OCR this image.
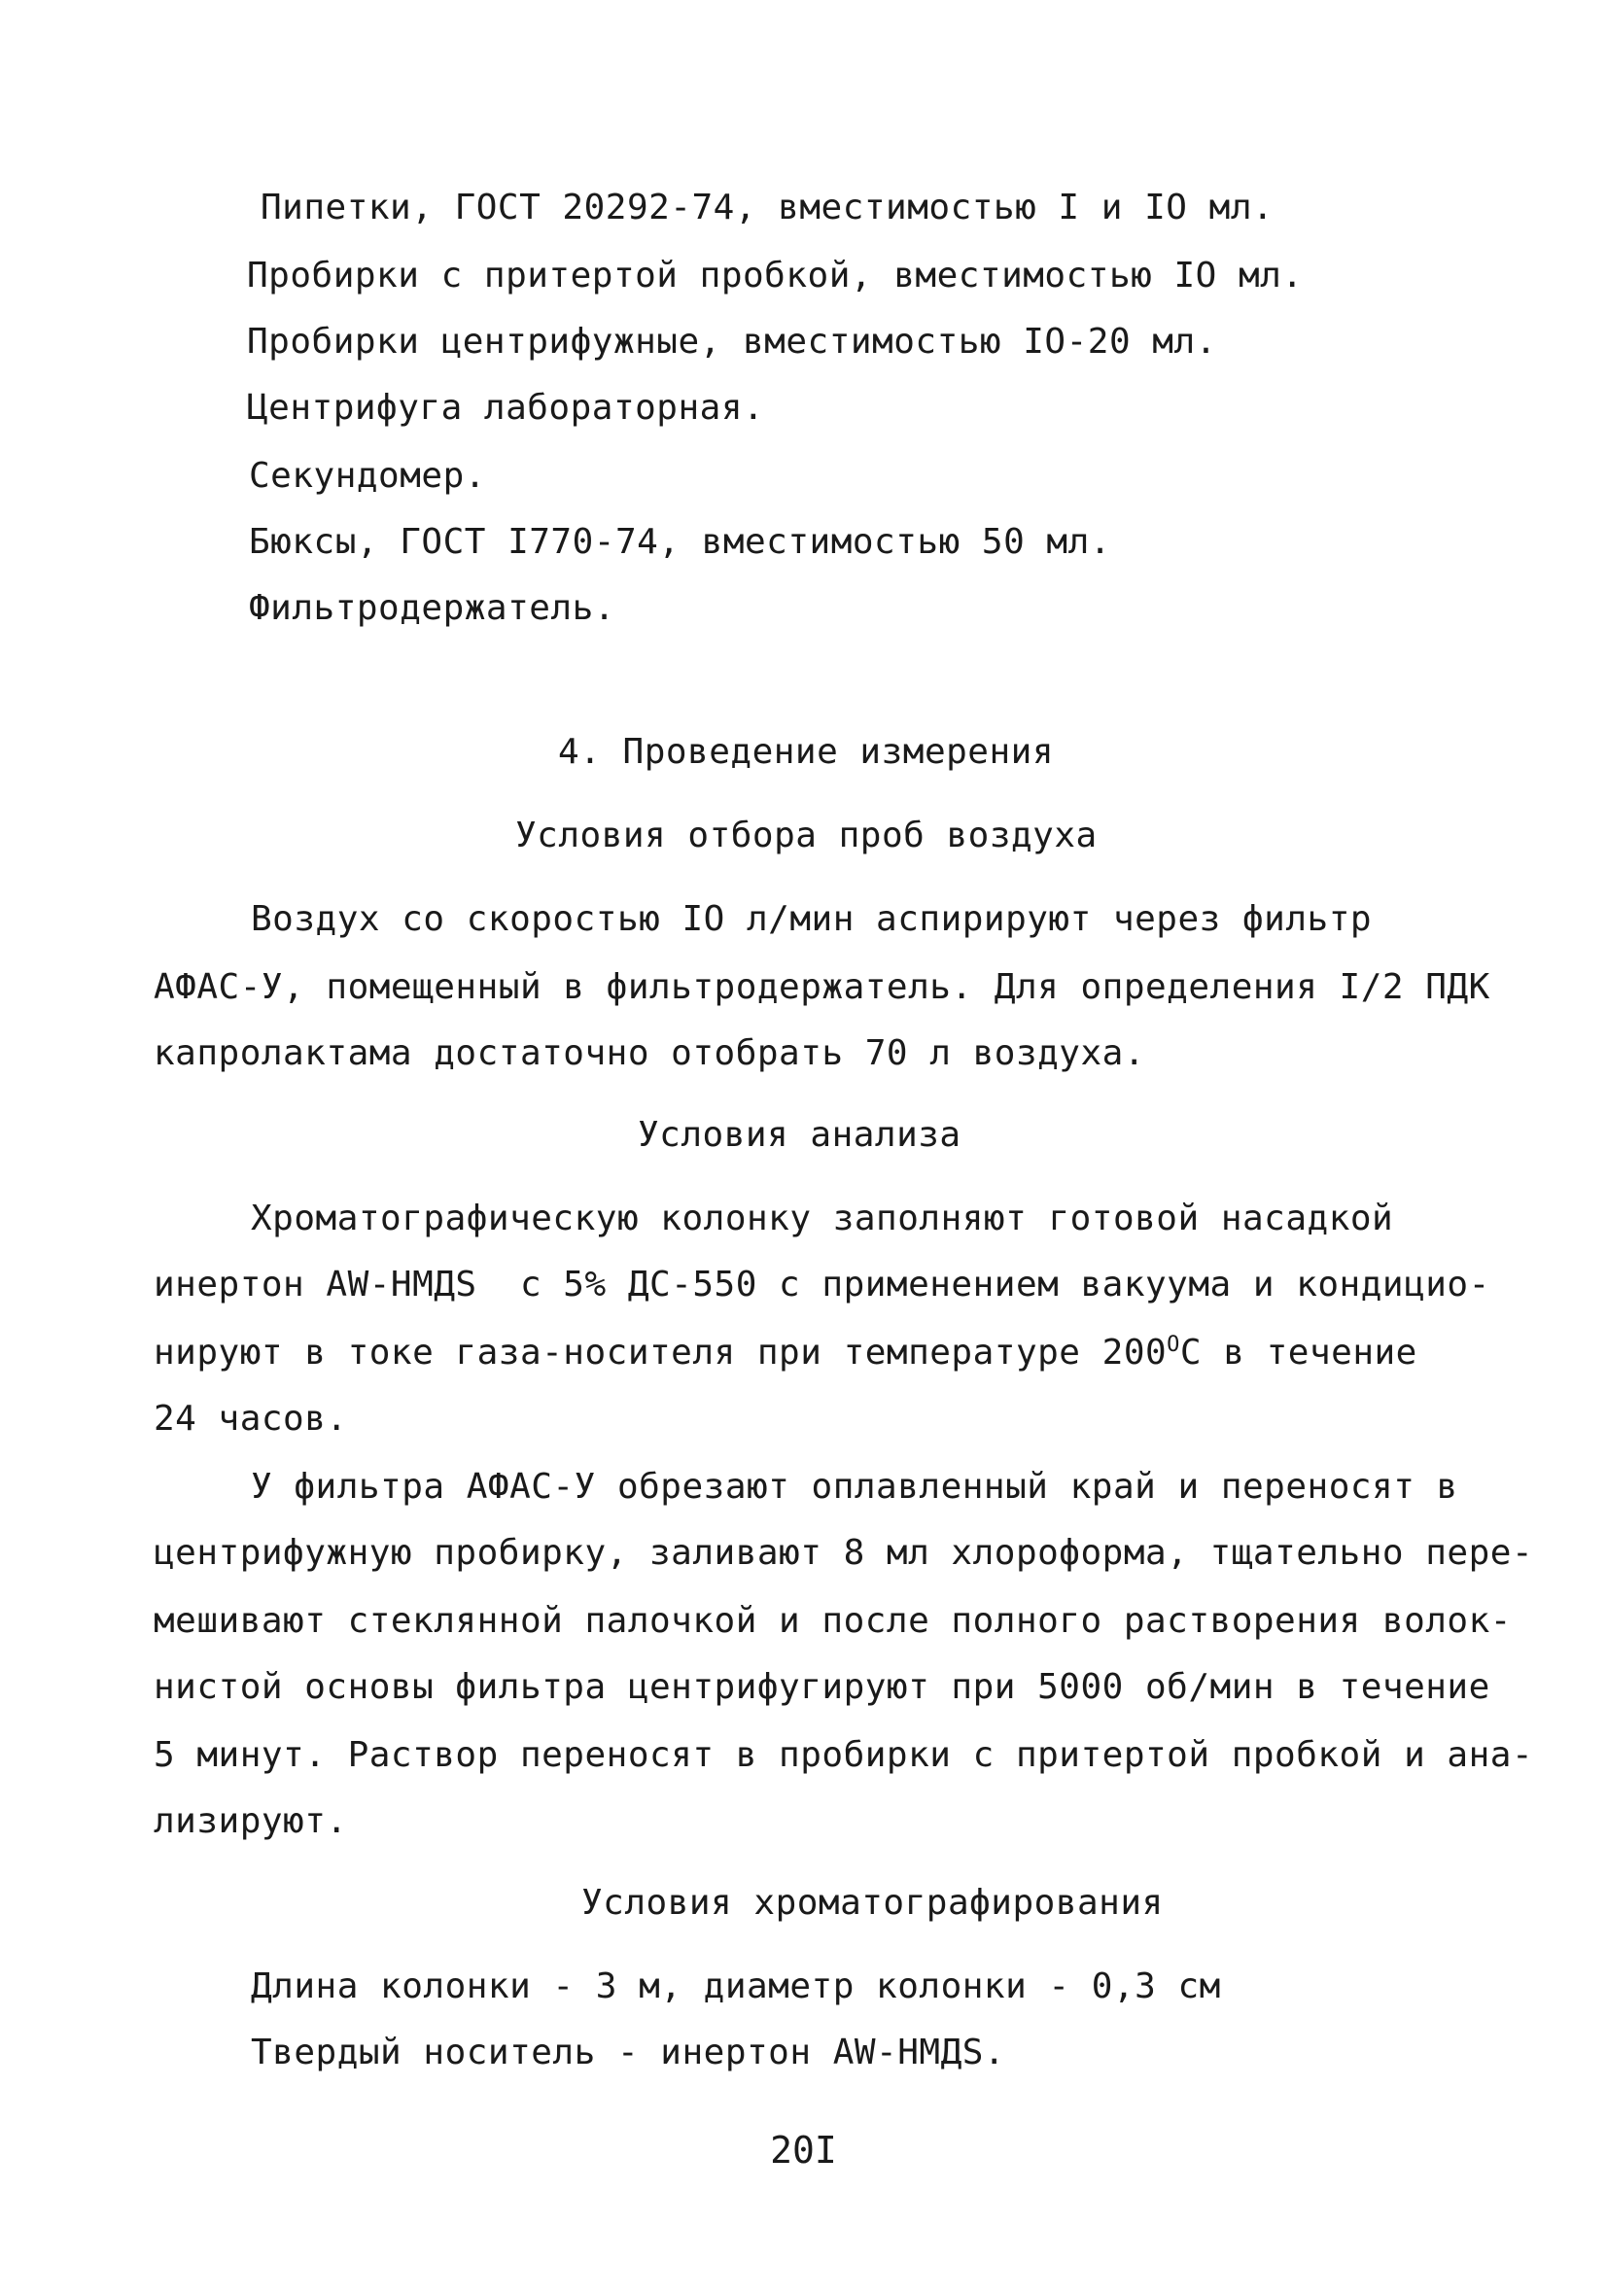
Пипетки, ГОСТ 20292-74, вместимостью I и IO мл.
Пробирки с притертой пробкой, вместимостью IO мл.
Пробирки центрифужные, вместимостью IO-20 мл.
Центрифуга лабораторная.
Секундомер.
Бюксы, ГОСТ I770-74, вместимостью 50 мл.
Фильтродержатель.
4. Проведение измерения
Условия отбора проб воздуха
Воздух со скоростью IO л/мин аспирируют через фильтр
АФАС-У, помещенный в фильтродержатель. Для определения I/2 ПДК
капролактама достаточно отобрать 70 л воздуха.
Условия анализа
Хроматографическую колонку заполняют готовой насадкой
инертон AW-HMДS  с 5% ДС-550 с применением вакуума и кондицио-
нируют в токе газа-носителя при температуре $200^OC$ в течение
24 часов.
У фильтра АФАС-У обрезают оплавленный край и переносят в
центрифужную пробирку, заливают 8 мл хлороформа, тщательно пере-
мешивают стеклянной палочкой и после полного растворения волок-
нистой основы фильтра центрифугируют при 5000 об/мин в течение
5 минут. Раствор переносят в пробирки с притертой пробкой и ана-
лизируют.
Условия хроматографирования
Длина колонки - 3 м, диаметр колонки - 0,3 см
Твердый носитель - инертон AW-HMДS.
20I
